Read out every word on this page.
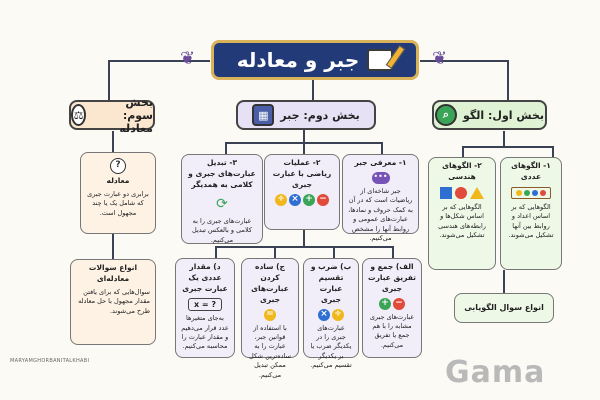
❦	❦
جبر و معادله
بخش سوم: معادله
⚖	بخش دوم: جبر
▦	بخش اول: الگو
⌕
?
معادله
برابری دو عبارت جبری که شامل یک یا چند مجهول است.
انواع سوالات معادله‌ای
سوال‌هایی که برای یافتن مقدار مجهول با حل معادله طرح می‌شوند.
۳- تبدیل عبارت‌های جبری و کلامی به همدیگر
⟳
عبارت‌های جبری را به کلامی و بالعکس تبدیل می‌کنیم.
۲- عملیات ریاضی با عبارت جبری
−
+
×
÷
۱- معرفی جبر
•••
جبر شاخه‌ای از ریاضیات است که در آن به کمک حروف و نمادها، عبارت‌های عمومی و روابط آنها را مشخص می‌کنیم.
د) مقدار عددی یک عبارت جبری
x = ?
به‌جای متغیرها عدد قرار می‌دهیم و مقدار عبارت را محاسبه می‌کنیم.
ج) ساده کردن عبارت‌های جبری
=
با استفاده از قوانین جبر، عبارت را به ساده‌ترین شکل ممکن تبدیل می‌کنیم.
ب) ضرب و تقسیم عبارت جبری
÷
×
عبارت‌های جبری را در یکدیگر ضرب یا بر یکدیگر تقسیم می‌کنیم.
الف) جمع و تفریق عبارت جبری
−
+
عبارت‌های جبری مشابه را با هم جمع یا تفریق می‌کنیم.
۲- الگوهای هندسی
الگوهایی که بر اساس شکل‌ها و رابطه‌های هندسی تشکیل می‌شوند.
۱- الگوهای عددی
الگوهایی که بر اساس اعداد و روابط بین آنها تشکیل می‌شوند.
انواع سوال الگویابی
MARYAMGHORBANITALKHABI	Gama
